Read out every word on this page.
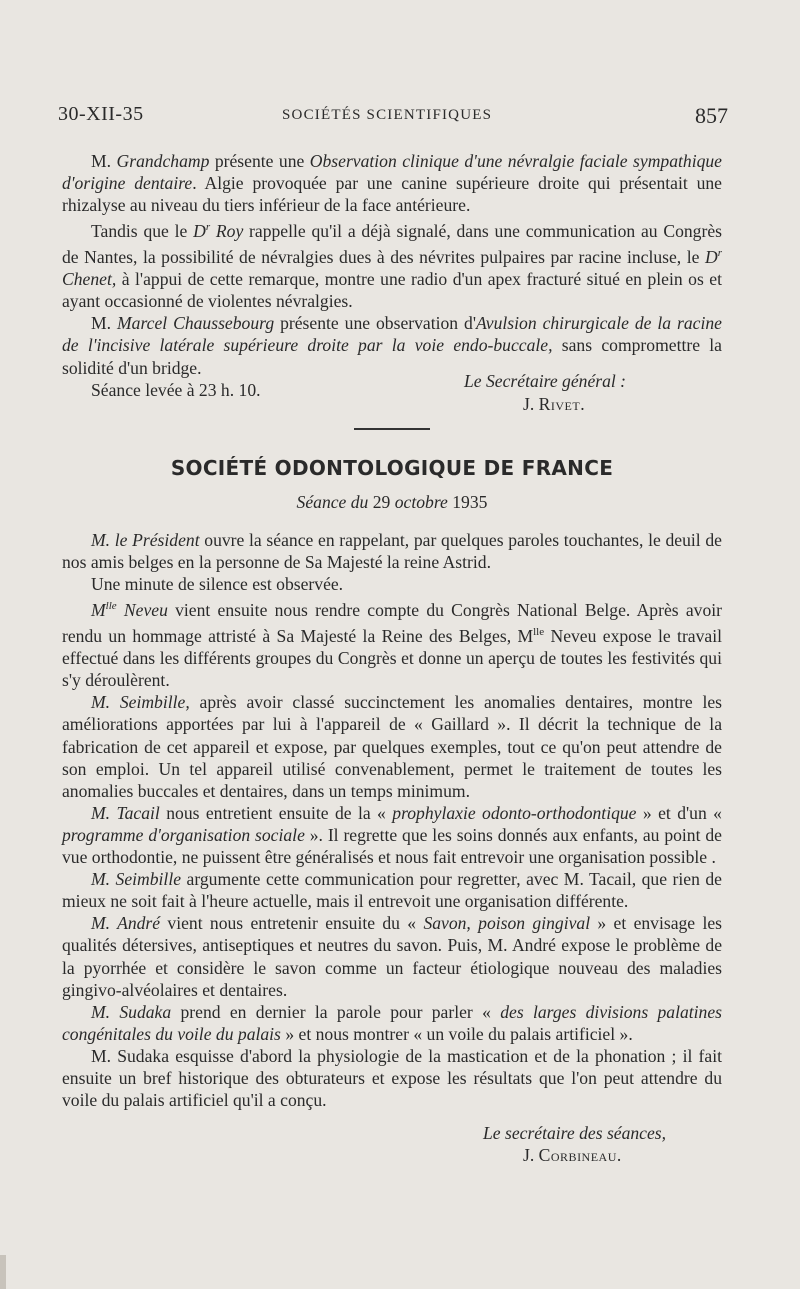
30-XII-35	SOCIÉTÉS SCIENTIFIQUES	857

M. Grandchamp présente une Observation clinique d'une névralgie faciale sympathique d'origine dentaire. Algie provoquée par une canine supérieure droite qui présentait une rhizalyse au niveau du tiers inférieur de la face antérieure.

Tandis que le $D^r$ Roy rappelle qu'il a déjà signalé, dans une communication au Congrès de Nantes, la possibilité de névralgies dues à des névrites pulpaires par racine incluse, le $D^r$ Chenet, à l'appui de cette remarque, montre une radio d'un apex fracturé situé en plein os et ayant occasionné de violentes névralgies.

M. Marcel Chaussebourg présente une observation d'Avulsion chirurgicale de la racine de l'incisive latérale supérieure droite par la voie endo-buccale, sans compromettre la solidité d'un bridge.

Séance levée à 23 h. 10.	Le Secrétaire général :
J. Rivet.
SOCIÉTÉ ODONTOLOGIQUE DE FRANCE
Séance du 29 octobre 1935

M. le Président ouvre la séance en rappelant, par quelques paroles touchantes, le deuil de nos amis belges en la personne de Sa Majesté la reine Astrid.

Une minute de silence est observée.

$M^{lle}$ Neveu vient ensuite nous rendre compte du Congrès National Belge. Après avoir rendu un hommage attristé à Sa Majesté la Reine des Belges, $M^{lle}$ Neveu expose le travail effectué dans les différents groupes du Congrès et donne un aperçu de toutes les festivités qui s'y déroulèrent.

M. Seimbille, après avoir classé succinctement les anomalies dentaires, montre les améliorations apportées par lui à l'appareil de « Gaillard ». Il décrit la technique de la fabrication de cet appareil et expose, par quelques exemples, tout ce qu'on peut attendre de son emploi. Un tel appareil utilisé convenablement, permet le traitement de toutes les anomalies buccales et dentaires, dans un temps minimum.

M. Tacail nous entretient ensuite de la « prophylaxie odonto-orthodontique » et d'un « programme d'organisation sociale ». Il regrette que les soins donnés aux enfants, au point de vue orthodontie, ne puissent être généralisés et nous fait entrevoir une organisation possible .

M. Seimbille argumente cette communication pour regretter, avec M. Tacail, que rien de mieux ne soit fait à l'heure actuelle, mais il entrevoit une organisation différente.

M. André vient nous entretenir ensuite du « Savon, poison gingival » et envisage les qualités détersives, antiseptiques et neutres du savon. Puis, M. André expose le problème de la pyorrhée et considère le savon comme un facteur étiologique nouveau des maladies gingivo-alvéolaires et dentaires.

M. Sudaka prend en dernier la parole pour parler « des larges divisions palatines congénitales du voile du palais » et nous montrer « un voile du palais artificiel ».

M. Sudaka esquisse d'abord la physiologie de la mastication et de la phonation ; il fait ensuite un bref historique des obturateurs et expose les résultats que l'on peut attendre du voile du palais artificiel qu'il a conçu.

Le secrétaire des séances,
J. Corbineau.
